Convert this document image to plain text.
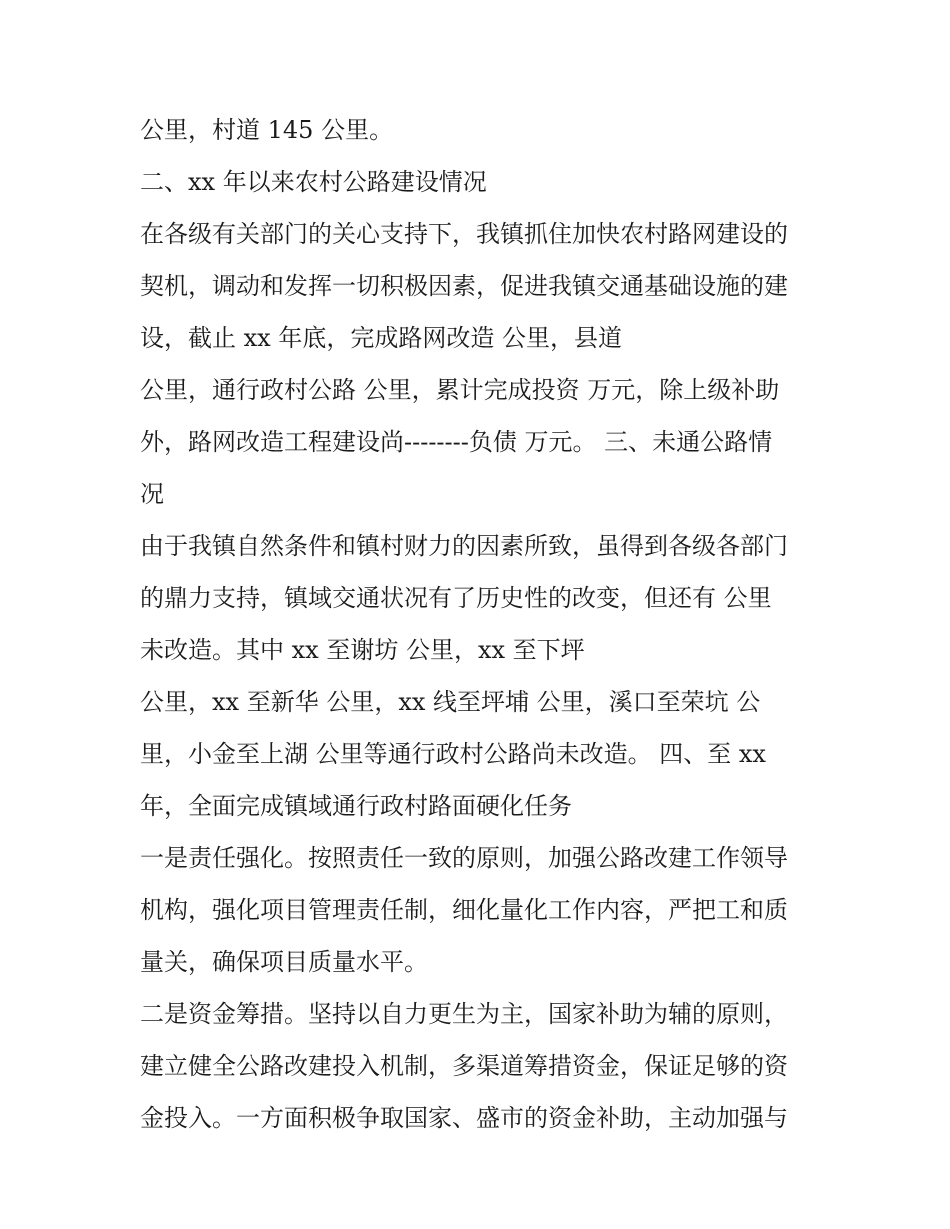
公里，村道 145 公里。
二、xx 年以来农村公路建设情况
在各级有关部门的关心支持下，我镇抓住加快农村路网建设的
契机，调动和发挥一切积极因素，促进我镇交通基础设施的建
设，截止 xx 年底，完成路网改造 公里，县道
公里，通行政村公路 公里，累计完成投资 万元，除上级补助
外，路网改造工程建设尚--------负债 万元。 三、未通公路情
况
由于我镇自然条件和镇村财力的因素所致，虽得到各级各部门
的鼎力支持，镇域交通状况有了历史性的改变，但还有 公里
未改造。其中 xx 至谢坊 公里，xx 至下坪
公里，xx 至新华 公里，xx 线至坪埔 公里，溪口至荣坑 公
里，小金至上湖 公里等通行政村公路尚未改造。 四、至 xx
年，全面完成镇域通行政村路面硬化任务
一是责任强化。按照责任一致的原则，加强公路改建工作领导
机构，强化项目管理责任制，细化量化工作内容，严把工和质
量关，确保项目质量水平。
二是资金筹措。坚持以自力更生为主，国家补助为辅的原则，
建立健全公路改建投入机制，多渠道筹措资金，保证足够的资
金投入。一方面积极争取国家、盛市的资金补助，主动加强与
